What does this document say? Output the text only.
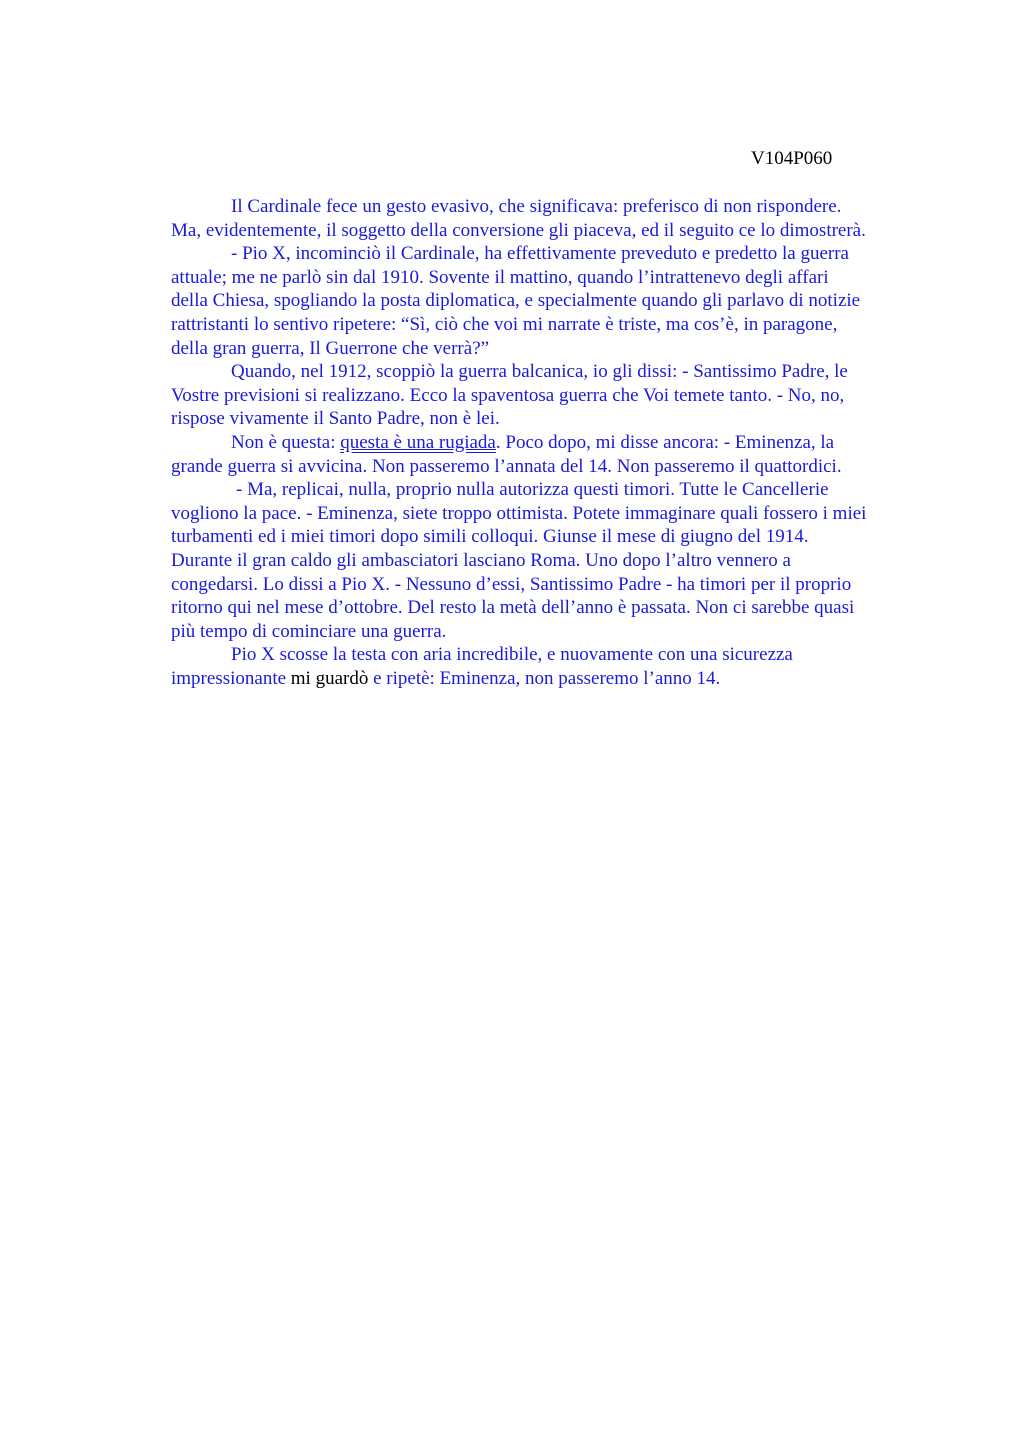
V104P060
Il Cardinale fece un gesto evasivo, che significava: preferisco di non rispondere.
Ma, evidentemente, il soggetto della conversione gli piaceva, ed il seguito ce lo dimostrerà.
- Pio X, incominciò il Cardinale, ha effettivamente preveduto e predetto la guerra
attuale; me ne parlò sin dal 1910. Sovente il mattino, quando l’intrattenevo degli affari
della Chiesa, spogliando la posta diplomatica, e specialmente quando gli parlavo di notizie
rattristanti lo sentivo ripetere: “Sì, ciò che voi mi narrate è triste, ma cos’è, in paragone,
della gran guerra, Il Guerrone che verrà?”
Quando, nel 1912, scoppiò la guerra balcanica, io gli dissi: - Santissimo Padre, le
Vostre previsioni si realizzano. Ecco la spaventosa guerra che Voi temete tanto. - No, no,
rispose vivamente il Santo Padre, non è lei.
Non è questa: questa è una rugiada. Poco dopo, mi disse ancora: - Eminenza, la
grande guerra si avvicina. Non passeremo l’annata del 14. Non passeremo il quattordici.
- Ma, replicai, nulla, proprio nulla autorizza questi timori. Tutte le Cancellerie
vogliono la pace. - Eminenza, siete troppo ottimista. Potete immaginare quali fossero i miei
turbamenti ed i miei timori dopo simili colloqui. Giunse il mese di giugno del 1914.
Durante il gran caldo gli ambasciatori lasciano Roma. Uno dopo l’altro vennero a
congedarsi. Lo dissi a Pio X. - Nessuno d’essi, Santissimo Padre - ha timori per il proprio
ritorno qui nel mese d’ottobre. Del resto la metà dell’anno è passata. Non ci sarebbe quasi
più tempo di cominciare una guerra.
Pio X scosse la testa con aria incredibile, e nuovamente con una sicurezza
impressionante mi guardò e ripetè: Eminenza, non passeremo l’anno 14.
